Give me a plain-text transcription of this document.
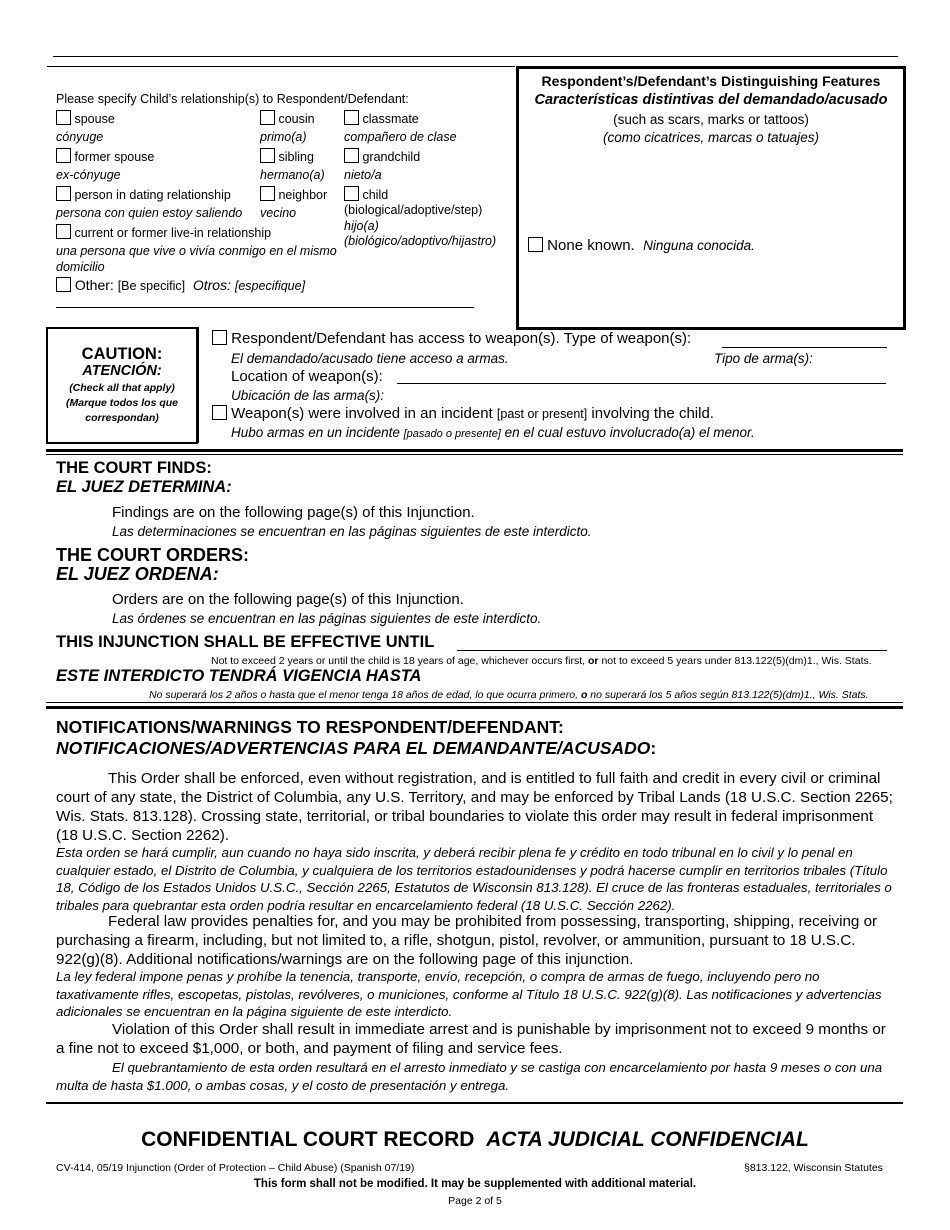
Please specify Child’s relationship(s) to Respondent/Defendant:
spouse
cónyuge
former spouse
ex-cónyuge
person in dating relationship
persona con quien estoy saliendo
current or former live-in relationship
una persona que vive o vivía conmigo en el mismo domicilio
cousin
primo(a)
sibling
hermano(a)
neighbor
vecino
classmate
compañero de clase
grandchild
nieto/a
child
(biological/adoptive/step)
hijo(a)
(biológico/adoptivo/hijastro)
Other: [Be specific] Otros: [especifique]
Respondent’s/Defendant’s Distinguishing Features
Características distintivas del demandado/acusado
(such as scars, marks or tattoos)
(como cicatrices, marcas o tatuajes)
None known. Ninguna conocida.
CAUTION:
ATENCIÓN:
(Check all that apply)
(Marque todos los que
correspondan)
Respondent/Defendant has access to weapon(s). Type of weapon(s):
El demandado/acusado tiene acceso a armas.	Tipo de arma(s):
Location of weapon(s):
Ubicación de las arma(s):
Weapon(s) were involved in an incident [past or present] involving the child.
Hubo armas en un incidente [pasado o presente] en el cual estuvo involucrado(a) el menor.
THE COURT FINDS:
EL JUEZ DETERMINA:
Findings are on the following page(s) of this Injunction.
Las determinaciones se encuentran en las páginas siguientes de este interdicto.
THE COURT ORDERS:
EL JUEZ ORDENA:
Orders are on the following page(s) of this Injunction.
Las órdenes se encuentran en las páginas siguientes de este interdicto.
THIS INJUNCTION SHALL BE EFFECTIVE UNTIL
Not to exceed 2 years or until the child is 18 years of age, whichever occurs first, or not to exceed 5 years under 813.122(5)(dm)1., Wis. Stats.
ESTE INTERDICTO TENDRÁ VIGENCIA HASTA
No superará los 2 años o hasta que el menor tenga 18 años de edad, lo que ocurra primero, o no superará los 5 años según 813.122(5)(dm)1., Wis. Stats.
NOTIFICATIONS/WARNINGS TO RESPONDENT/DEFENDANT:
NOTIFICACIONES/ADVERTENCIAS PARA EL DEMANDANTE/ACUSADO:
This Order shall be enforced, even without registration, and is entitled to full faith and credit in every civil or criminal court of any state, the District of Columbia, any U.S. Territory, and may be enforced by Tribal Lands (18 U.S.C. Section 2265; Wis. Stats. 813.128). Crossing state, territorial, or tribal boundaries to violate this order may result in federal imprisonment (18 U.S.C. Section 2262).
Esta orden se hará cumplir, aun cuando no haya sido inscrita, y deberá recibir plena fe y crédito en todo tribunal en lo civil y lo penal en cualquier estado, el Distrito de Columbia, y cualquiera de los territorios estadounidenses y podrá hacerse cumplir en territorios tribales (Título 18, Código de los Estados Unidos U.S.C., Sección 2265, Estatutos de Wisconsin 813.128). El cruce de las fronteras estaduales, territoriales o tribales para quebrantar esta orden podría resultar en encarcelamiento federal (18 U.S.C. Sección 2262).
Federal law provides penalties for, and you may be prohibited from possessing, transporting, shipping, receiving or purchasing a firearm, including, but not limited to, a rifle, shotgun, pistol, revolver, or ammunition, pursuant to 18 U.S.C. 922(g)(8). Additional notifications/warnings are on the following page of this injunction.
La ley federal impone penas y prohíbe la tenencia, transporte, envío, recepción, o compra de armas de fuego, incluyendo pero no taxativamente rifles, escopetas, pistolas, revólveres, o municiones, conforme al Título 18 U.S.C. 922(g)(8). Las notificaciones y advertencias adicionales se encuentran en la página siguiente de este interdicto.
Violation of this Order shall result in immediate arrest and is punishable by imprisonment not to exceed 9 months or a fine not to exceed $1,000, or both, and payment of filing and service fees.
El quebrantamiento de esta orden resultará en el arresto inmediato y se castiga con encarcelamiento por hasta 9 meses o con una multa de hasta $1.000, o ambas cosas, y el costo de presentación y entrega.
CONFIDENTIAL COURT RECORD ACTA JUDICIAL CONFIDENCIAL
CV-414, 05/19 Injunction (Order of Protection – Child Abuse) (Spanish 07/19)	§813.122, Wisconsin Statutes
This form shall not be modified. It may be supplemented with additional material.
Page 2 of 5
